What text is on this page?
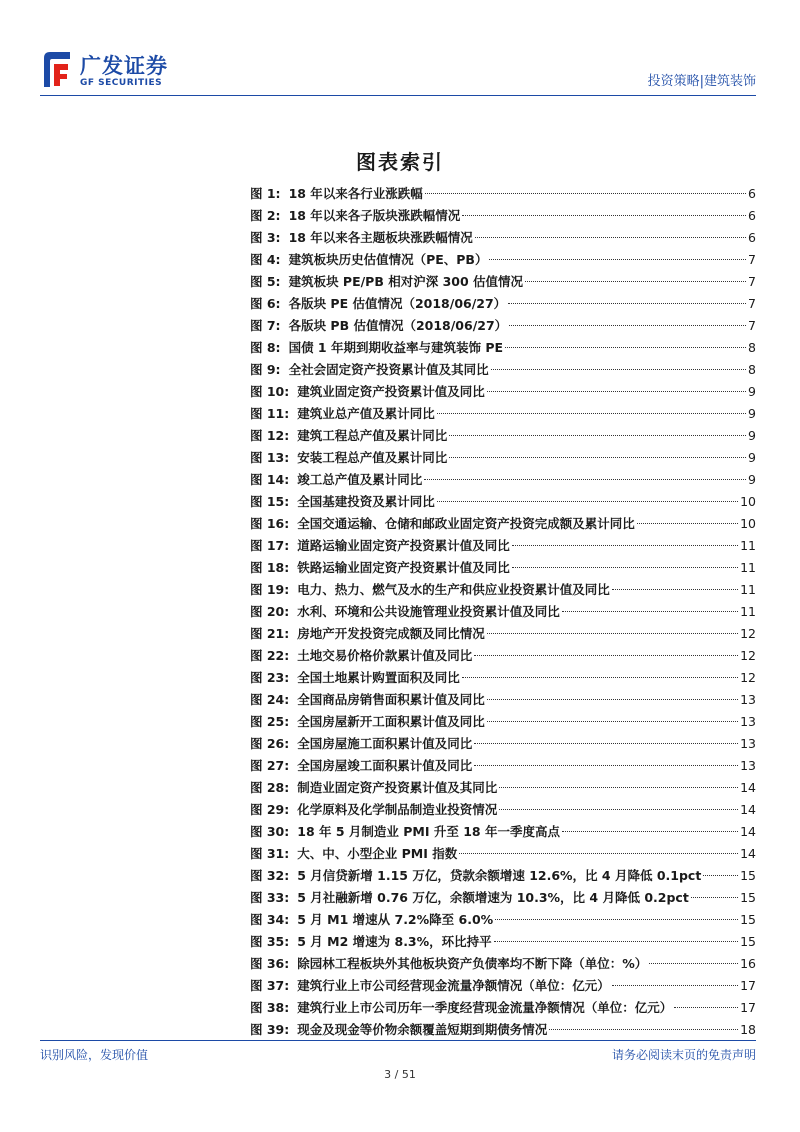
广发证券
GF SECURITIES	投资策略|建筑装饰
图表索引
图 1: 18 年以来各行业涨跌幅	6
图 2: 18 年以来各子版块涨跌幅情况	6
图 3: 18 年以来各主题板块涨跌幅情况	6
图 4: 建筑板块历史估值情况（PE、PB）	7
图 5: 建筑板块 PE/PB 相对沪深 300 估值情况	7
图 6: 各版块 PE 估值情况（2018/06/27）	7
图 7: 各版块 PB 估值情况（2018/06/27）	7
图 8: 国债 1 年期到期收益率与建筑装饰 PE	8
图 9: 全社会固定资产投资累计值及其同比	8
图 10: 建筑业固定资产投资累计值及同比	9
图 11: 建筑业总产值及累计同比	9
图 12: 建筑工程总产值及累计同比	9
图 13: 安装工程总产值及累计同比	9
图 14: 竣工总产值及累计同比	9
图 15: 全国基建投资及累计同比	10
图 16: 全国交通运输、仓储和邮政业固定资产投资完成额及累计同比	10
图 17: 道路运输业固定资产投资累计值及同比	11
图 18: 铁路运输业固定资产投资累计值及同比	11
图 19: 电力、热力、燃气及水的生产和供应业投资累计值及同比	11
图 20: 水利、环境和公共设施管理业投资累计值及同比	11
图 21: 房地产开发投资完成额及同比情况	12
图 22: 土地交易价格价款累计值及同比	12
图 23: 全国土地累计购置面积及同比	12
图 24: 全国商品房销售面积累计值及同比	13
图 25: 全国房屋新开工面积累计值及同比	13
图 26: 全国房屋施工面积累计值及同比	13
图 27: 全国房屋竣工面积累计值及同比	13
图 28: 制造业固定资产投资累计值及其同比	14
图 29: 化学原料及化学制品制造业投资情况	14
图 30: 18 年 5 月制造业 PMI 升至 18 年一季度高点	14
图 31: 大、中、小型企业 PMI 指数	14
图 32: 5 月信贷新增 1.15 万亿，贷款余额增速 12.6%，比 4 月降低 0.1pct	15
图 33: 5 月社融新增 0.76 万亿，余额增速为 10.3%，比 4 月降低 0.2pct	15
图 34: 5 月 M1 增速从 7.2%降至 6.0%	15
图 35: 5 月 M2 增速为 8.3%，环比持平	15
图 36: 除园林工程板块外其他板块资产负债率均不断下降（单位：%）	16
图 37: 建筑行业上市公司经营现金流量净额情况（单位：亿元）	17
图 38: 建筑行业上市公司历年一季度经营现金流量净额情况（单位：亿元）	17
图 39: 现金及现金等价物余额覆盖短期到期债务情况	18
识别风险，发现价值	请务必阅读末页的免责声明
3 / 51
